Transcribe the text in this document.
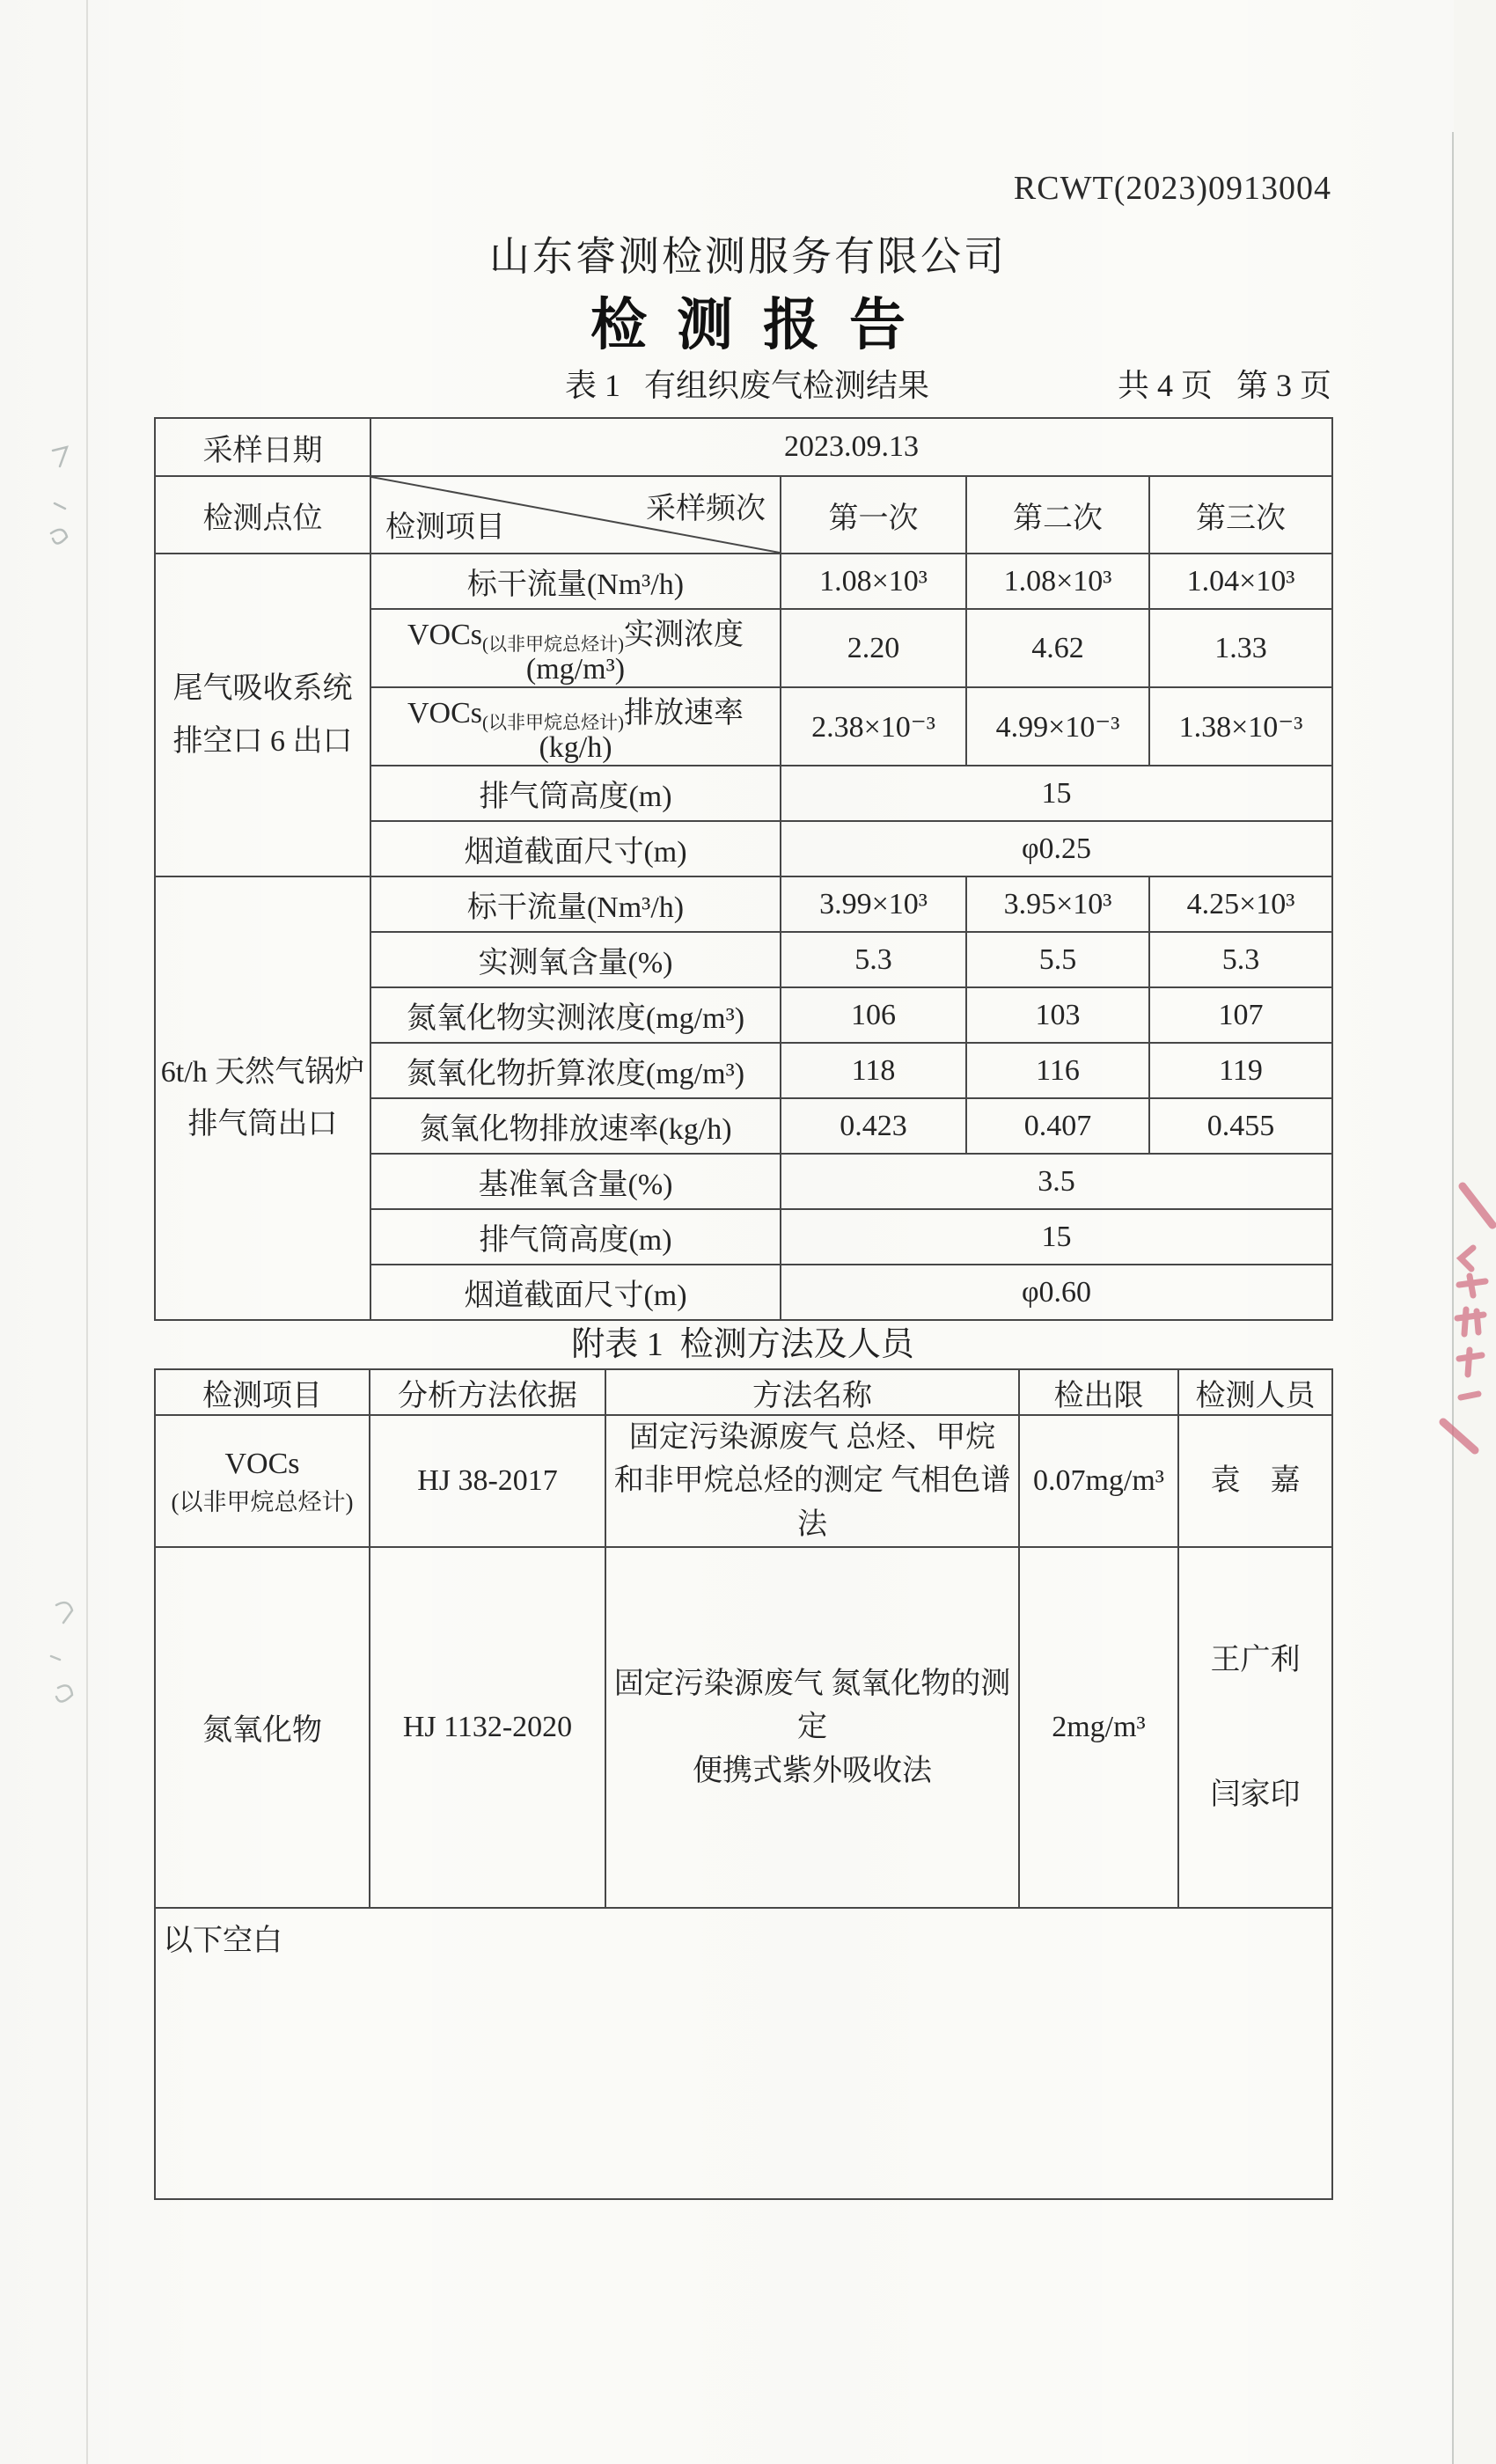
RCWT(2023)0913004
山东睿测检测服务有限公司
检测报告
表 1   有组织废气检测结果	共 4 页   第 3 页
采样日期	2023.09.13			
检测点位	采样频次
检测项目	第一次	第二次	第三次

尾气吸收系统
排空口 6 出口	标干流量(Nm³/h)	1.08×10³	1.08×10³	1.04×10³
	VOCs$_{(以非甲烷总烃计)}$实测浓度(mg/m³)	2.20	4.62	1.33
	VOCs$_{(以非甲烷总烃计)}$排放速率(kg/h)	2.38×10⁻³	4.99×10⁻³	1.38×10⁻³
	排气筒高度(m)	15		
	烟道截面尺寸(m)	φ0.25		

6t/h 天然气锅炉
排气筒出口	标干流量(Nm³/h)	3.99×10³	3.95×10³	4.25×10³
	实测氧含量(%)	5.3	5.5	5.3
	氮氧化物实测浓度(mg/m³)	106	103	107
	氮氧化物折算浓度(mg/m³)	118	116	119
	氮氧化物排放速率(kg/h)	0.423	0.407	0.455
	基准氧含量(%)	3.5		
	排气筒高度(m)	15		
	烟道截面尺寸(m)	φ0.60		
附表 1  检测方法及人员
检测项目	分析方法依据	方法名称	检出限	检测人员

VOCs
(以非甲烷总烃计)
	HJ 38-2017	
固定污染源废气 总烃、甲烷
和非甲烷总烃的测定 气相色谱法
	0.07mg/m³	袁　嘉
氮氧化物	HJ 1132-2020	
固定污染源废气 氮氧化物的测定
便携式紫外吸收法
	2mg/m³	

王广利

闫家印

以下空白				
